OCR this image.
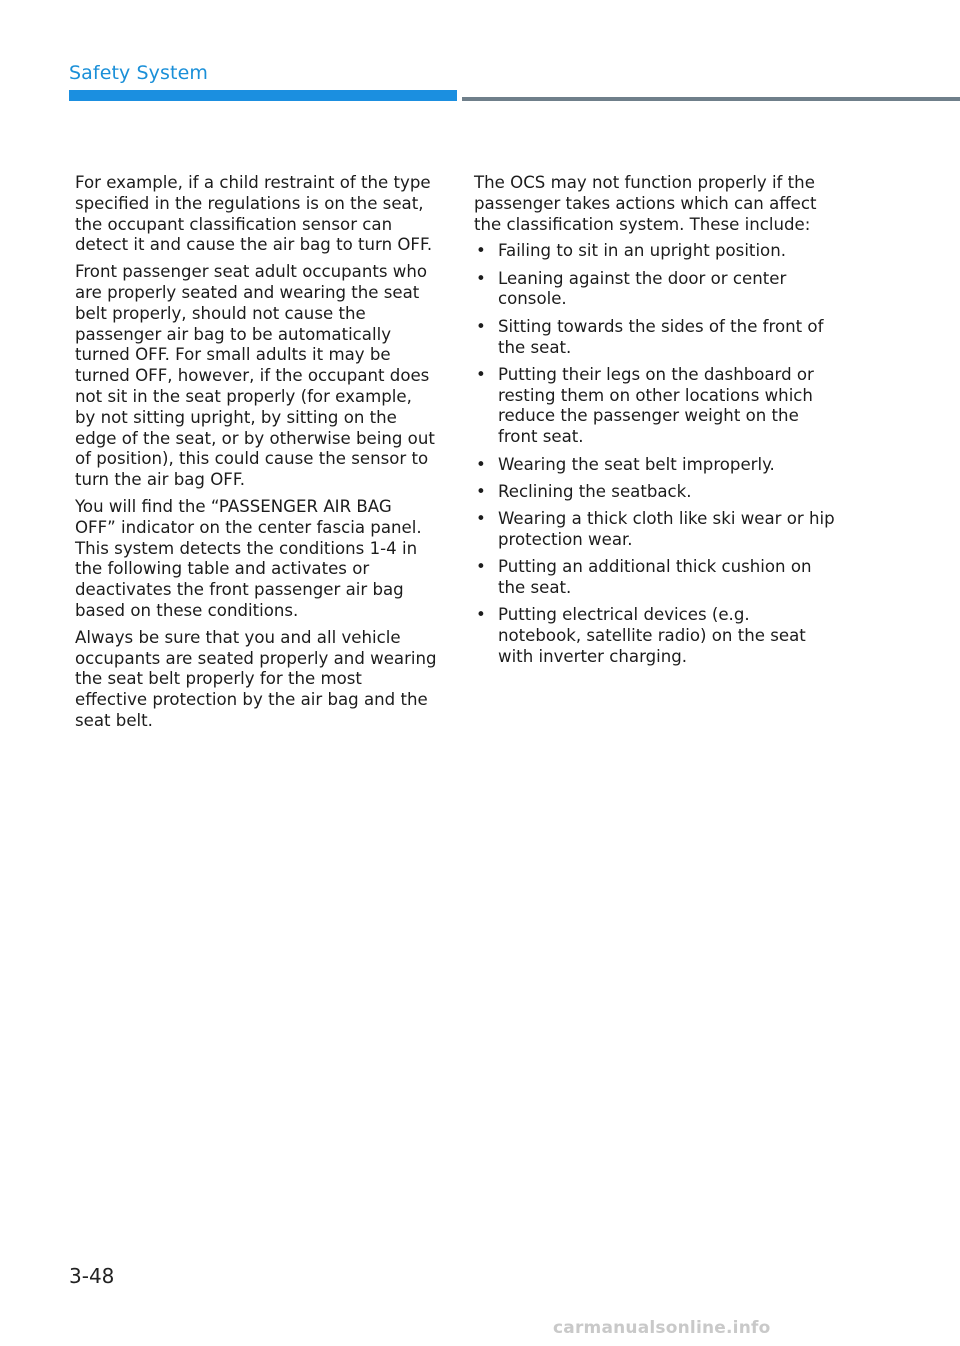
Safety System

For example, if a child restraint of the type specified in the regulations is on the seat, the occupant classification sensor can detect it and cause the air bag to turn OFF.

Front passenger seat adult occupants who are properly seated and wearing the seat belt properly, should not cause the passenger air bag to be automatically turned OFF. For small adults it may be turned OFF, however, if the occupant does not sit in the seat properly (for example, by not sitting upright, by sitting on the edge of the seat, or by otherwise being out of position), this could cause the sensor to turn the air bag OFF.

You will find the “PASSENGER AIR BAG OFF” indicator on the center fascia panel. This system detects the conditions 1-4 in the following table and activates or deactivates the front passenger air bag based on these conditions.

Always be sure that you and all vehicle occupants are seated properly and wearing the seat belt properly for the most effective protection by the air bag and the seat belt.

The OCS may not function properly if the passenger takes actions which can affect the classification system. These include:

• Failing to sit in an upright position.
• Leaning against the door or center console.
• Sitting towards the sides of the front of the seat.
• Putting their legs on the dashboard or resting them on other locations which reduce the passenger weight on the front seat.
• Wearing the seat belt improperly.
• Reclining the seatback.
• Wearing a thick cloth like ski wear or hip protection wear.
• Putting an additional thick cushion on the seat.
• Putting electrical devices (e.g. notebook, satellite radio) on the seat with inverter charging.
3-48
carmanualsonline.info
